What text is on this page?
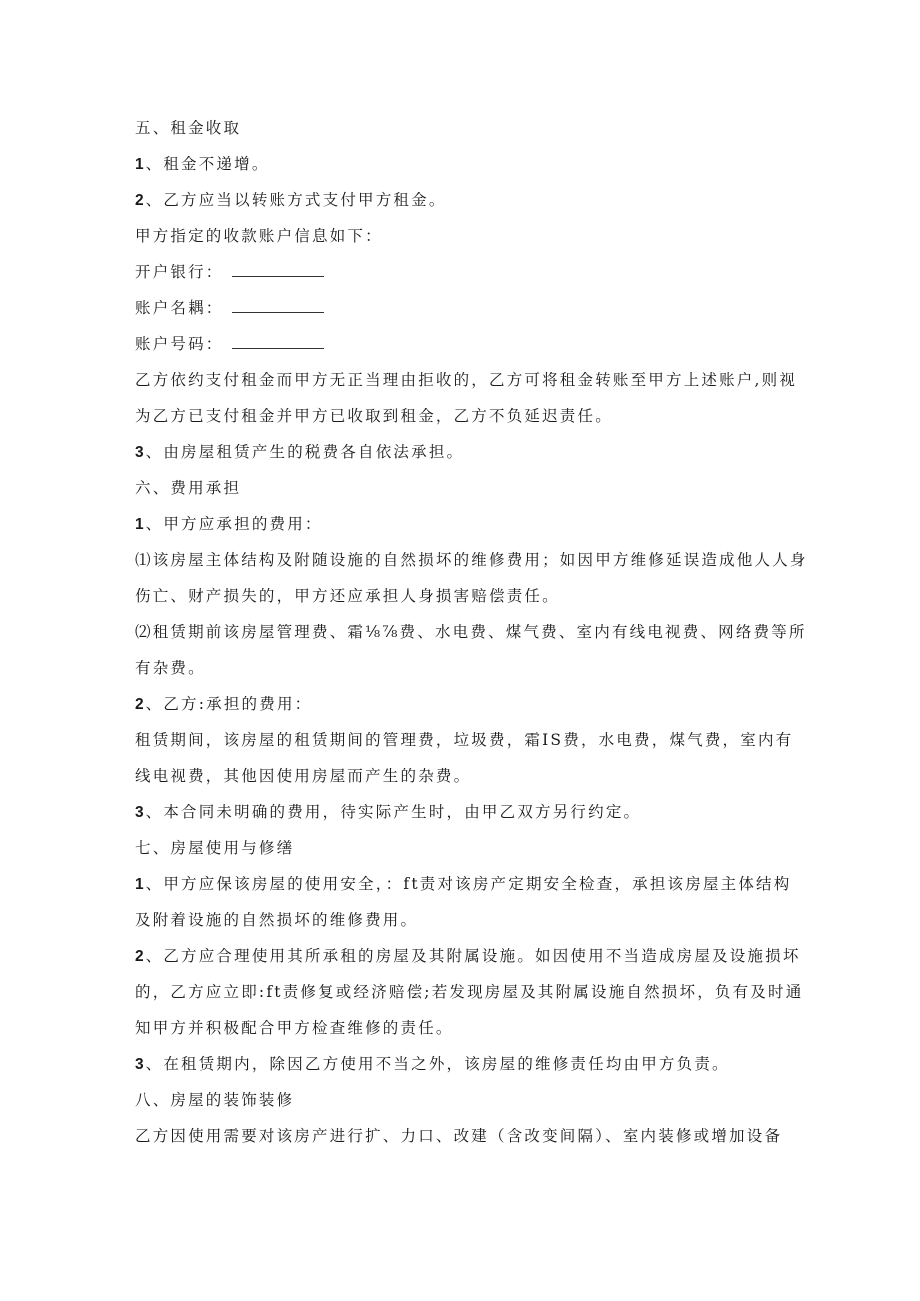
五、租金收取
1 、租金不递增。
2 、乙方应当以转账方式支付甲方租金。
甲方指定的收款账户信息如下：
开户银行：
账户名耦：
账户号码：
乙方依约支付租金而甲方无正当理由拒收的，乙方可将租金转账至甲方上述账户,则视
为乙方已支付租金并甲方已收取到租金，乙方不负延迟责任。
3 、由房屋租赁产生的税费各自依法承担。
六、费用承担
1 、甲方应承担的费用：
⑴该房屋主体结构及附随设施的自然损坏的维修费用；如因甲方维修延误造成他人人身
伤亡、财产损失的，甲方还应承担人身损害赔偿责任。
⑵租赁期前该房屋管理费、霜⅛⅞费、水电费、煤气费、室内有线电视费、网络费等所
有杂费。
2 、乙方:承担的费用：
租赁期间，该房屋的租赁期间的管理费，垃圾费，霜IS费，水电费，煤气费，室内有
线电视费，其他因使用房屋而产生的杂费。
3 、本合同未明确的费用，待实际产生时，由甲乙双方另行约定。
七、房屋使用与修缮
1 、甲方应保该房屋的使用安全，：ft责对该房产定期安全检查，承担该房屋主体结构
及附着设施的自然损坏的维修费用。
2 、乙方应合理使用其所承租的房屋及其附属设施。如因使用不当造成房屋及设施损坏
的，乙方应立即:ft责修复或经济赔偿;若发现房屋及其附属设施自然损坏，负有及时通
知甲方并积极配合甲方检查维修的责任。
3 、在租赁期内，除因乙方使用不当之外，该房屋的维修责任均由甲方负责。
八、房屋的装饰装修
乙方因使用需要对该房产进行扩、力口、改建（含改变间隔）、室内装修或增加设备
